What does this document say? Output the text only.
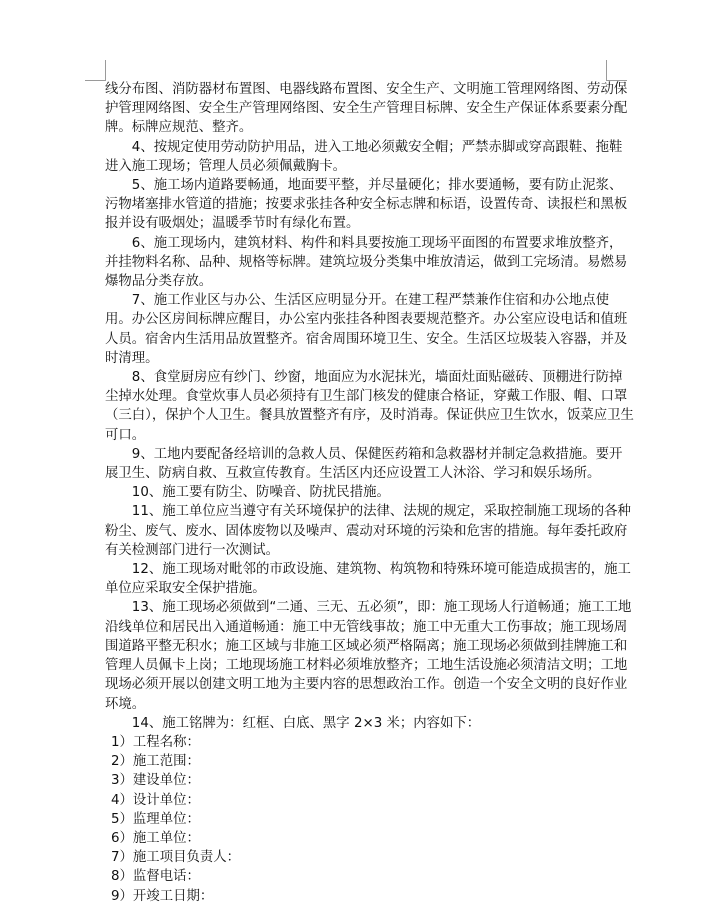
线分布图、消防器材布置图、电器线路布置图、安全生产、文明施工管理网络图、劳动保护管理网络图、安全生产管理网络图、安全生产管理目标牌、安全生产保证体系要素分配牌。标牌应规范、整齐。

4、按规定使用劳动防护用品，进入工地必须戴安全帽；严禁赤脚或穿高跟鞋、拖鞋进入施工现场；管理人员必须佩戴胸卡。

5、施工场内道路要畅通，地面要平整，并尽量硬化；排水要通畅，要有防止泥浆、污物堵塞排水管道的措施；按要求张挂各种安全标志牌和标语，设置传奇、读报栏和黑板报并设有吸烟处；温暖季节时有绿化布置。

6、施工现场内，建筑材料、构件和料具要按施工现场平面图的布置要求堆放整齐，并挂物料名称、品种、规格等标牌。建筑垃圾分类集中堆放清运，做到工完场清。易燃易爆物品分类存放。

7、施工作业区与办公、生活区应明显分开。在建工程严禁兼作住宿和办公地点使用。办公区房间标牌应醒目，办公室内张挂各种图表要规范整齐。办公室应设电话和值班人员。宿舍内生活用品放置整齐。宿舍周围环境卫生、安全。生活区垃圾装入容器，并及时清理。

8、食堂厨房应有纱门、纱窗，地面应为水泥抹光，墙面灶面贴磁砖、顶棚进行防掉尘掉水处理。食堂炊事人员必须持有卫生部门核发的健康合格证，穿戴工作服、帽、口罩（三白），保护个人卫生。餐具放置整齐有序，及时消毒。保证供应卫生饮水，饭菜应卫生可口。

9、工地内要配备经培训的急救人员、保健医药箱和急救器材并制定急救措施。要开展卫生、防病自救、互救宣传教育。生活区内还应设置工人沐浴、学习和娱乐场所。

10、施工要有防尘、防噪音、防扰民措施。

11、施工单位应当遵守有关环境保护的法律、法规的规定，采取控制施工现场的各种粉尘、废气、废水、固体废物以及噪声、震动对环境的污染和危害的措施。每年委托政府有关检测部门进行一次测试。

12、施工现场对毗邻的市政设施、建筑物、构筑物和特殊环境可能造成损害的，施工单位应采取安全保护措施。

13、施工现场必须做到“二通、三无、五必须”，即：施工现场人行道畅通；施工工地沿线单位和居民出入通道畅通：施工中无管线事故；施工中无重大工伤事故；施工现场周围道路平整无积水；施工区域与非施工区域必须严格隔离；施工现场必须做到挂牌施工和管理人员佩卡上岗；工地现场施工材料必须堆放整齐；工地生活设施必须清洁文明；工地现场必须开展以创建文明工地为主要内容的思想政治工作。创造一个安全文明的良好作业环境。

14、施工铭牌为：红框、白底、黑字 2×3 米；内容如下：

1）工程名称：

2）施工范围：

3）建设单位：

4）设计单位：

5）监理单位：

6）施工单位：

7）施工项目负责人：

8）监督电话：

9）开竣工日期：
